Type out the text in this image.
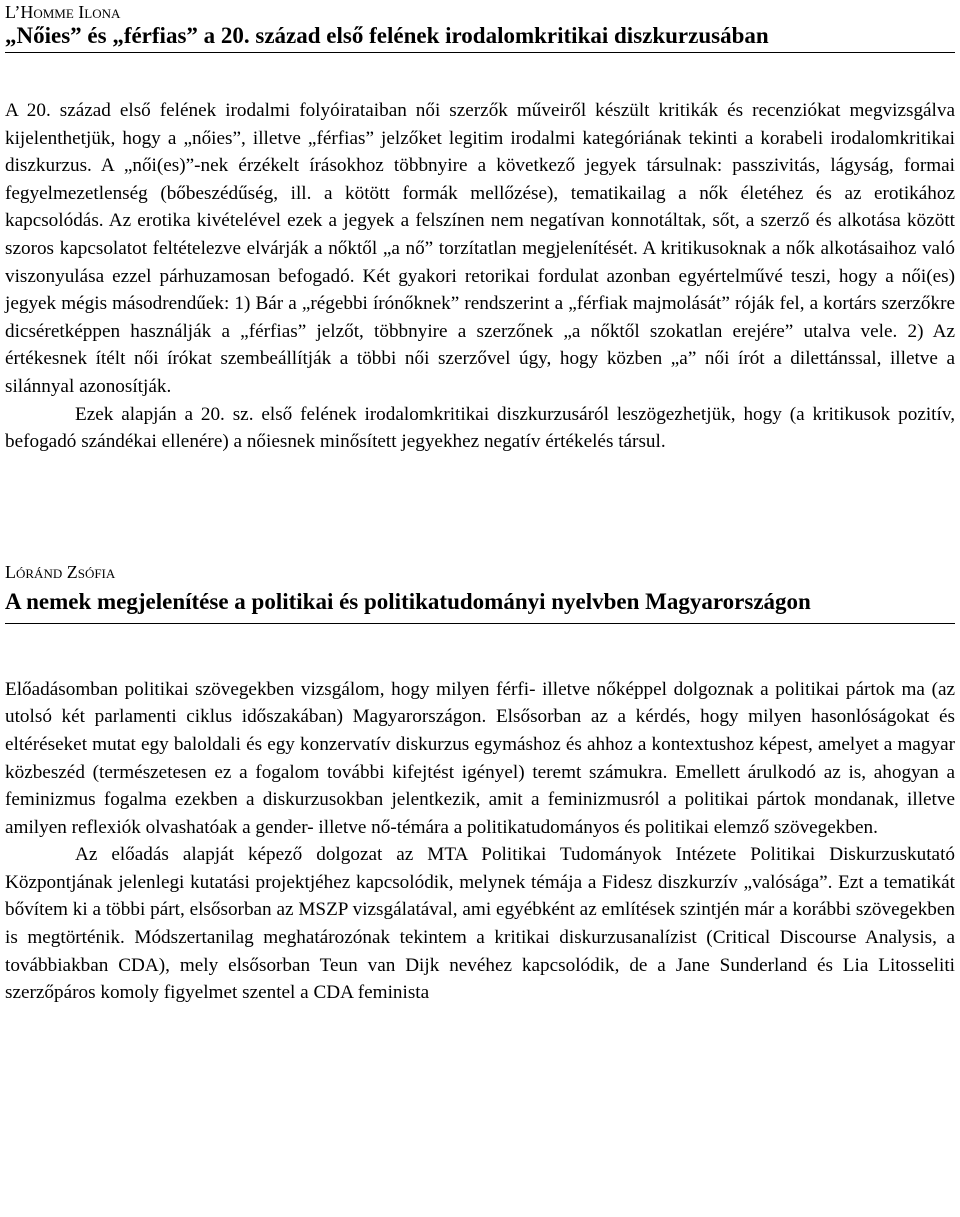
L’Homme Ilona

„Nőies” és „férfias” a 20. század első felének irodalomkritikai diszkurzusában

A 20. század első felének irodalmi folyóirataiban női szerzők műveiről készült kritikák és recenziókat megvizsgálva kijelenthetjük, hogy a „nőies”, illetve „férfias” jelzőket legitim irodalmi kategóriának tekinti a korabeli irodalomkritikai diszkurzus. A „női(es)”-nek érzékelt írásokhoz többnyire a következő jegyek társulnak: passzivitás, lágyság, formai fegyelmezetlenség (bőbeszédűség, ill. a kötött formák mellőzése), tematikailag a nők életéhez és az erotikához kapcsolódás. Az erotika kivételével ezek a jegyek a felszínen nem negatívan konnotáltak, sőt, a szerző és alkotása között szoros kapcsolatot feltételezve elvárják a nőktől „a nő” torzítatlan megjelenítését. A kritikusoknak a nők alkotásaihoz való viszonyulása ezzel párhuzamosan befogadó. Két gyakori retorikai fordulat azonban egyértelművé teszi, hogy a női(es) jegyek mégis másodrendűek: 1) Bár a „régebbi írónőknek” rendszerint a „férfiak majmolását” róják fel, a kortárs szerzőkre dicséretképpen használják a „férfias” jelzőt, többnyire a szerzőnek „a nőktől szokatlan erejére” utalva vele. 2) Az értékesnek ítélt női írókat szembeállítják a többi női szerzővel úgy, hogy közben „a” női írót a dilettánssal, illetve a silánnyal azonosítják.

Ezek alapján a 20. sz. első felének irodalomkritikai diszkurzusáról leszögezhetjük, hogy (a kritikusok pozitív, befogadó szándékai ellenére) a nőiesnek minősített jegyekhez negatív értékelés társul.

Lóránd Zsófia

A nemek megjelenítése a politikai és politikatudományi nyelvben Magyarországon

Előadásomban politikai szövegekben vizsgálom, hogy milyen férfi- illetve nőképpel dolgoznak a politikai pártok ma (az utolsó két parlamenti ciklus időszakában) Magyarországon. Elsősorban az a kérdés, hogy milyen hasonlóságokat és eltéréseket mutat egy baloldali és egy konzervatív diskurzus egymáshoz és ahhoz a kontextushoz képest, amelyet a magyar közbeszéd (természetesen ez a fogalom további kifejtést igényel) teremt számukra. Emellett árulkodó az is, ahogyan a feminizmus fogalma ezekben a diskurzusokban jelentkezik, amit a feminizmusról a politikai pártok mondanak, illetve amilyen reflexiók olvashatóak a gender- illetve nő-témára a politikatudományos és politikai elemző szövegekben.

Az előadás alapját képező dolgozat az MTA Politikai Tudományok Intézete Politikai Diskurzuskutató Központjának jelenlegi kutatási projektjéhez kapcsolódik, melynek témája a Fidesz diszkurzív „valósága”. Ezt a tematikát bővítem ki a többi párt, elsősorban az MSZP vizsgálatával, ami egyébként az említések szintjén már a korábbi szövegekben is megtörténik. Módszertanilag meghatározónak tekintem a kritikai diskurzusanalízist (Critical Discourse Analysis, a továbbiakban CDA), mely elsősorban Teun van Dijk nevéhez kapcsolódik, de a Jane Sunderland és Lia Litosseliti szerzőpáros komoly figyelmet szentel a CDA feminista
